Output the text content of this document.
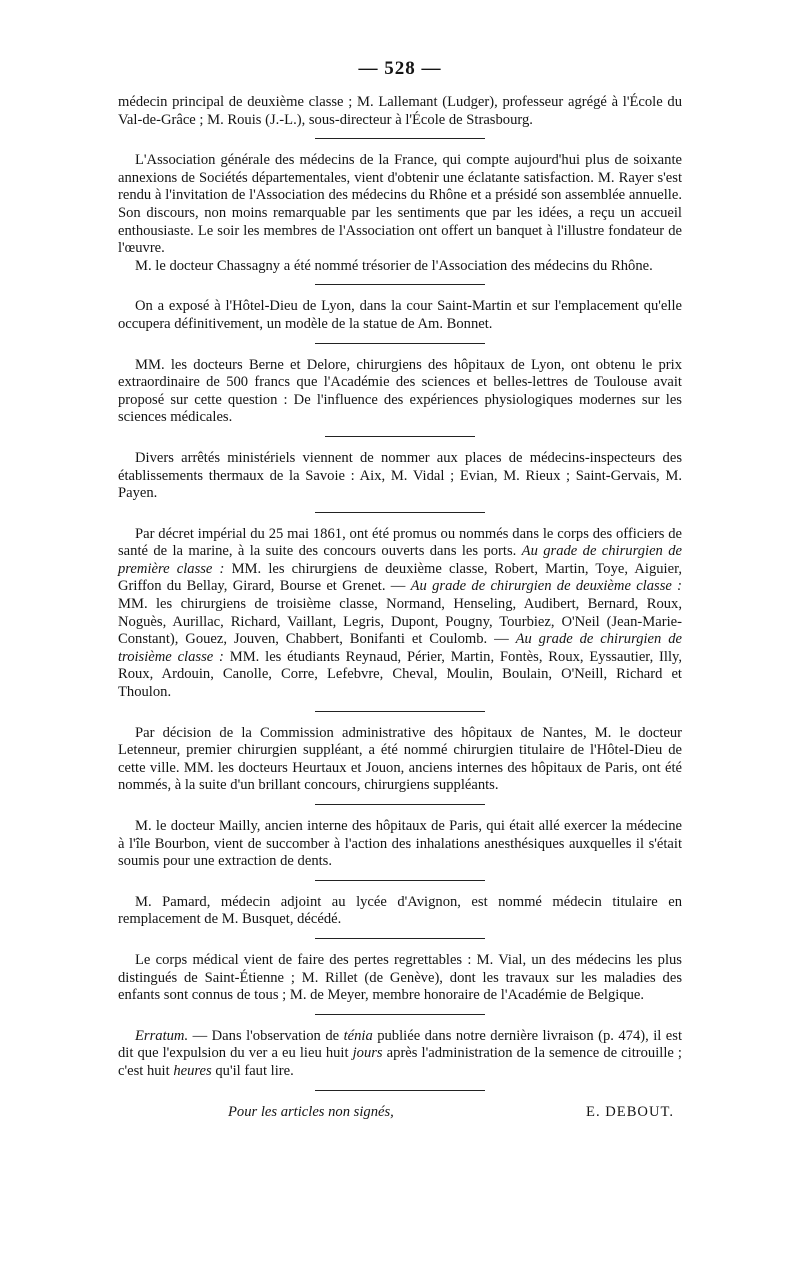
— 528 —

médecin principal de deuxième classe ; M. Lallemant (Ludger), professeur agrégé à l'École du Val-de-Grâce ; M. Rouis (J.-L.), sous-directeur à l'École de Strasbourg.

L'Association générale des médecins de la France, qui compte aujourd'hui plus de soixante annexions de Sociétés départementales, vient d'obtenir une éclatante satisfaction. M. Rayer s'est rendu à l'invitation de l'Association des médecins du Rhône et a présidé son assemblée annuelle. Son discours, non moins remarquable par les sentiments que par les idées, a reçu un accueil enthousiaste. Le soir les membres de l'Association ont offert un banquet à l'illustre fondateur de l'œuvre.

M. le docteur Chassagny a été nommé trésorier de l'Association des médecins du Rhône.

On a exposé à l'Hôtel-Dieu de Lyon, dans la cour Saint-Martin et sur l'emplacement qu'elle occupera définitivement, un modèle de la statue de Am. Bonnet.

MM. les docteurs Berne et Delore, chirurgiens des hôpitaux de Lyon, ont obtenu le prix extraordinaire de 500 francs que l'Académie des sciences et belles-lettres de Toulouse avait proposé sur cette question : De l'influence des expériences physiologiques modernes sur les sciences médicales.

Divers arrêtés ministériels viennent de nommer aux places de médecins-inspecteurs des établissements thermaux de la Savoie : Aix, M. Vidal ; Evian, M. Rieux ; Saint-Gervais, M. Payen.

Par décret impérial du 25 mai 1861, ont été promus ou nommés dans le corps des officiers de santé de la marine, à la suite des concours ouverts dans les ports. Au grade de chirurgien de première classe : MM. les chirurgiens de deuxième classe, Robert, Martin, Toye, Aiguier, Griffon du Bellay, Girard, Bourse et Grenet. — Au grade de chirurgien de deuxième classe : MM. les chirurgiens de troisième classe, Normand, Henseling, Audibert, Bernard, Roux, Noguès, Aurillac, Richard, Vaillant, Legris, Dupont, Pougny, Tourbiez, O'Neil (Jean-Marie-Constant), Gouez, Jouven, Chabbert, Bonifanti et Coulomb. — Au grade de chirurgien de troisième classe : MM. les étudiants Reynaud, Périer, Martin, Fontès, Roux, Eyssautier, Illy, Roux, Ardouin, Canolle, Corre, Lefebvre, Cheval, Moulin, Boulain, O'Neill, Richard et Thoulon.

Par décision de la Commission administrative des hôpitaux de Nantes, M. le docteur Letenneur, premier chirurgien suppléant, a été nommé chirurgien titulaire de l'Hôtel-Dieu de cette ville. MM. les docteurs Heurtaux et Jouon, anciens internes des hôpitaux de Paris, ont été nommés, à la suite d'un brillant concours, chirurgiens suppléants.

M. le docteur Mailly, ancien interne des hôpitaux de Paris, qui était allé exercer la médecine à l'île Bourbon, vient de succomber à l'action des inhalations anesthésiques auxquelles il s'était soumis pour une extraction de dents.

M. Pamard, médecin adjoint au lycée d'Avignon, est nommé médecin titulaire en remplacement de M. Busquet, décédé.

Le corps médical vient de faire des pertes regrettables : M. Vial, un des médecins les plus distingués de Saint-Étienne ; M. Rillet (de Genève), dont les travaux sur les maladies des enfants sont connus de tous ; M. de Meyer, membre honoraire de l'Académie de Belgique.

Erratum. — Dans l'observation de ténia publiée dans notre dernière livraison (p. 474), il est dit que l'expulsion du ver a eu lieu huit jours après l'administration de la semence de citrouille ; c'est huit heures qu'il faut lire.

Pour les articles non signés,	E. DEBOUT.
